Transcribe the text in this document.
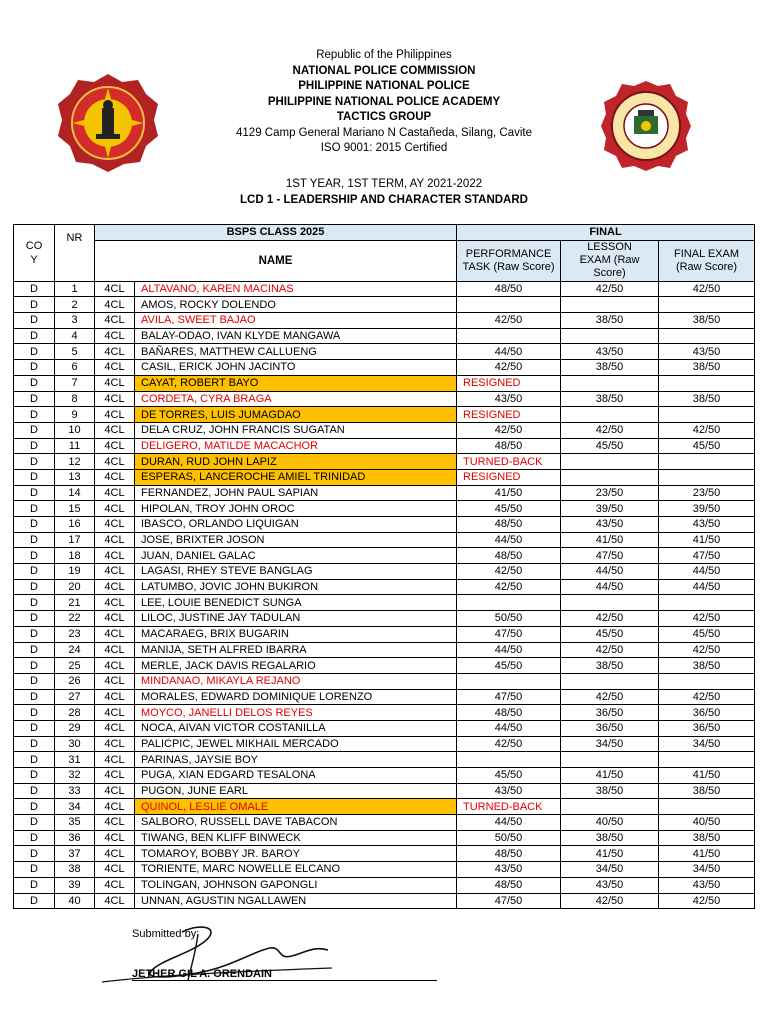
Republic of the Philippines
NATIONAL POLICE COMMISSION
PHILIPPINE NATIONAL POLICE
PHILIPPINE NATIONAL POLICE ACADEMY
TACTICS GROUP
4129 Camp General Mariano N Castañeda, Silang, Cavite
ISO 9001: 2015 Certified
1ST YEAR, 1ST TERM, AY 2021-2022
LCD 1 - LEADERSHIP AND CHARACTER STANDARD
CO Y	NR	BSPS CLASS 2025		FINAL		
		NAME		PERFORMANCE TASK (Raw Score)	LESSON EXAM (Raw Score)	FINAL EXAM (Raw Score)

D	1	4CL	ALTAVANO, KAREN MACINAS	48/50	42/50	42/50
D	2	4CL	AMOS, ROCKY DOLENDO			
D	3	4CL	AVILA, SWEET BAJAO	42/50	38/50	38/50
D	4	4CL	BALAY-ODAO, IVAN KLYDE MANGAWA			
D	5	4CL	BAÑARES, MATTHEW CALLUENG	44/50	43/50	43/50
D	6	4CL	CASIL, ERICK JOHN JACINTO	42/50	38/50	38/50
D	7	4CL	CAYAT, ROBERT BAYO	RESIGNED		
D	8	4CL	CORDETA, CYRA BRAGA	43/50	38/50	38/50
D	9	4CL	DE TORRES, LUIS JUMAGDAO	RESIGNED		
D	10	4CL	DELA CRUZ, JOHN FRANCIS SUGATAN	42/50	42/50	42/50
D	11	4CL	DELIGERO, MATILDE MACACHOR	48/50	45/50	45/50
D	12	4CL	DURAN, RUD JOHN LAPIZ	TURNED-BACK		
D	13	4CL	ESPERAS, LANCEROCHE AMIEL TRINIDAD	RESIGNED		
D	14	4CL	FERNANDEZ, JOHN PAUL SAPIAN	41/50	23/50	23/50
D	15	4CL	HIPOLAN, TROY JOHN OROC	45/50	39/50	39/50
D	16	4CL	IBASCO, ORLANDO LIQUIGAN	48/50	43/50	43/50
D	17	4CL	JOSE, BRIXTER JOSON	44/50	41/50	41/50
D	18	4CL	JUAN, DANIEL GALAC	48/50	47/50	47/50
D	19	4CL	LAGASI, RHEY STEVE BANGLAG	42/50	44/50	44/50
D	20	4CL	LATUMBO, JOVIC JOHN BUKIRON	42/50	44/50	44/50
D	21	4CL	LEE, LOUIE BENEDICT SUNGA			
D	22	4CL	LILOC, JUSTINE JAY TADULAN	50/50	42/50	42/50
D	23	4CL	MACARAEG, BRIX BUGARIN	47/50	45/50	45/50
D	24	4CL	MANIJA, SETH ALFRED IBARRA	44/50	42/50	42/50
D	25	4CL	MERLE, JACK DAVIS REGALARIO	45/50	38/50	38/50
D	26	4CL	MINDANAO, MIKAYLA REJANO			
D	27	4CL	MORALES, EDWARD DOMINIQUE LORENZO	47/50	42/50	42/50
D	28	4CL	MOYCO, JANELLI DELOS REYES	48/50	36/50	36/50
D	29	4CL	NOCA, AIVAN VICTOR COSTANILLA	44/50	36/50	36/50
D	30	4CL	PALICPIC, JEWEL MIKHAIL MERCADO	42/50	34/50	34/50
D	31	4CL	PARINAS, JAYSIE BOY			
D	32	4CL	PUGA, XIAN EDGARD TESALONA	45/50	41/50	41/50
D	33	4CL	PUGON, JUNE EARL	43/50	38/50	38/50
D	34	4CL	QUINOL, LESLIE OMALE	TURNED-BACK		
D	35	4CL	SALBORO, RUSSELL DAVE TABACON	44/50	40/50	40/50
D	36	4CL	TIWANG, BEN KLIFF BINWECK	50/50	38/50	38/50
D	37	4CL	TOMAROY, BOBBY JR. BAROY	48/50	41/50	41/50
D	38	4CL	TORIENTE, MARC NOWELLE ELCANO	43/50	34/50	34/50
D	39	4CL	TOLINGAN, JOHNSON GAPONGLI	48/50	43/50	43/50
D	40	4CL	UNNAN, AGUSTIN NGALLAWEN	47/50	42/50	42/50
Submitted by:
JETHER GIL A. ORENDAIN
